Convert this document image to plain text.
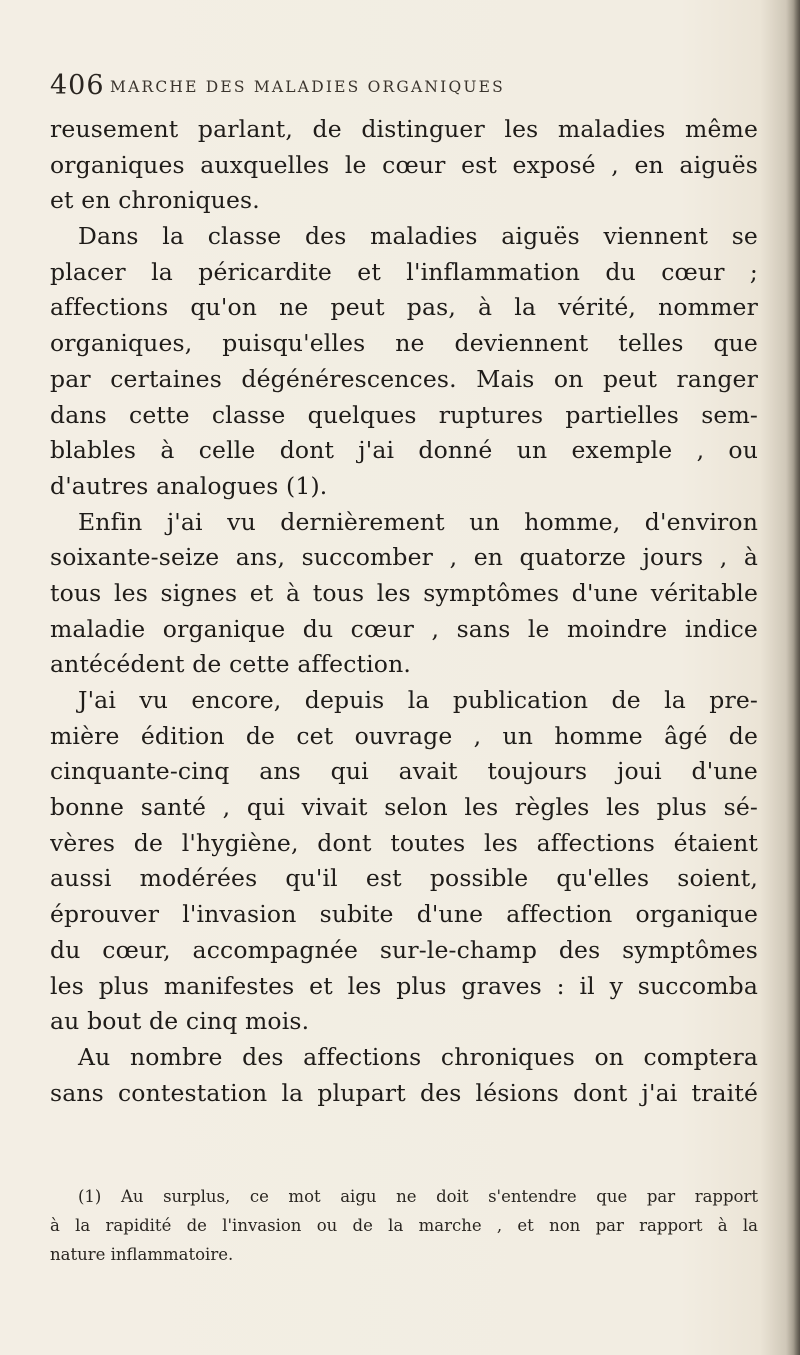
406 MARCHE DES MALADIES ORGANIQUES
reusement parlant, de distinguer les maladies même
organiques auxquelles le cœur est exposé , en aiguës
et en chroniques.
Dans la classe des maladies aiguës viennent se
placer la péricardite et l'inflammation du cœur ;
affections qu'on ne peut pas, à la vérité, nommer
organiques, puisqu'elles ne deviennent telles que
par certaines dégénérescences. Mais on peut ranger
dans cette classe quelques ruptures partielles sem-
blables à celle dont j'ai donné un exemple , ou
d'autres analogues (1).
Enfin j'ai vu dernièrement un homme, d'environ
soixante-seize ans, succomber , en quatorze jours , à
tous les signes et à tous les symptômes d'une véritable
maladie organique du cœur , sans le moindre indice
antécédent de cette affection.
J'ai vu encore, depuis la publication de la pre-
mière édition de cet ouvrage , un homme âgé de
cinquante-cinq ans qui avait toujours joui d'une
bonne santé , qui vivait selon les règles les plus sé-
vères de l'hygiène, dont toutes les affections étaient
aussi modérées qu'il est possible qu'elles soient,
éprouver l'invasion subite d'une affection organique
du cœur, accompagnée sur-le-champ des symptômes
les plus manifestes et les plus graves : il y succomba
au bout de cinq mois.
Au nombre des affections chroniques on comptera
sans contestation la plupart des lésions dont j'ai traité
(1) Au surplus, ce mot aigu ne doit s'entendre que par rapport
à la rapidité de l'invasion ou de la marche , et non par rapport à la
nature inflammatoire.
